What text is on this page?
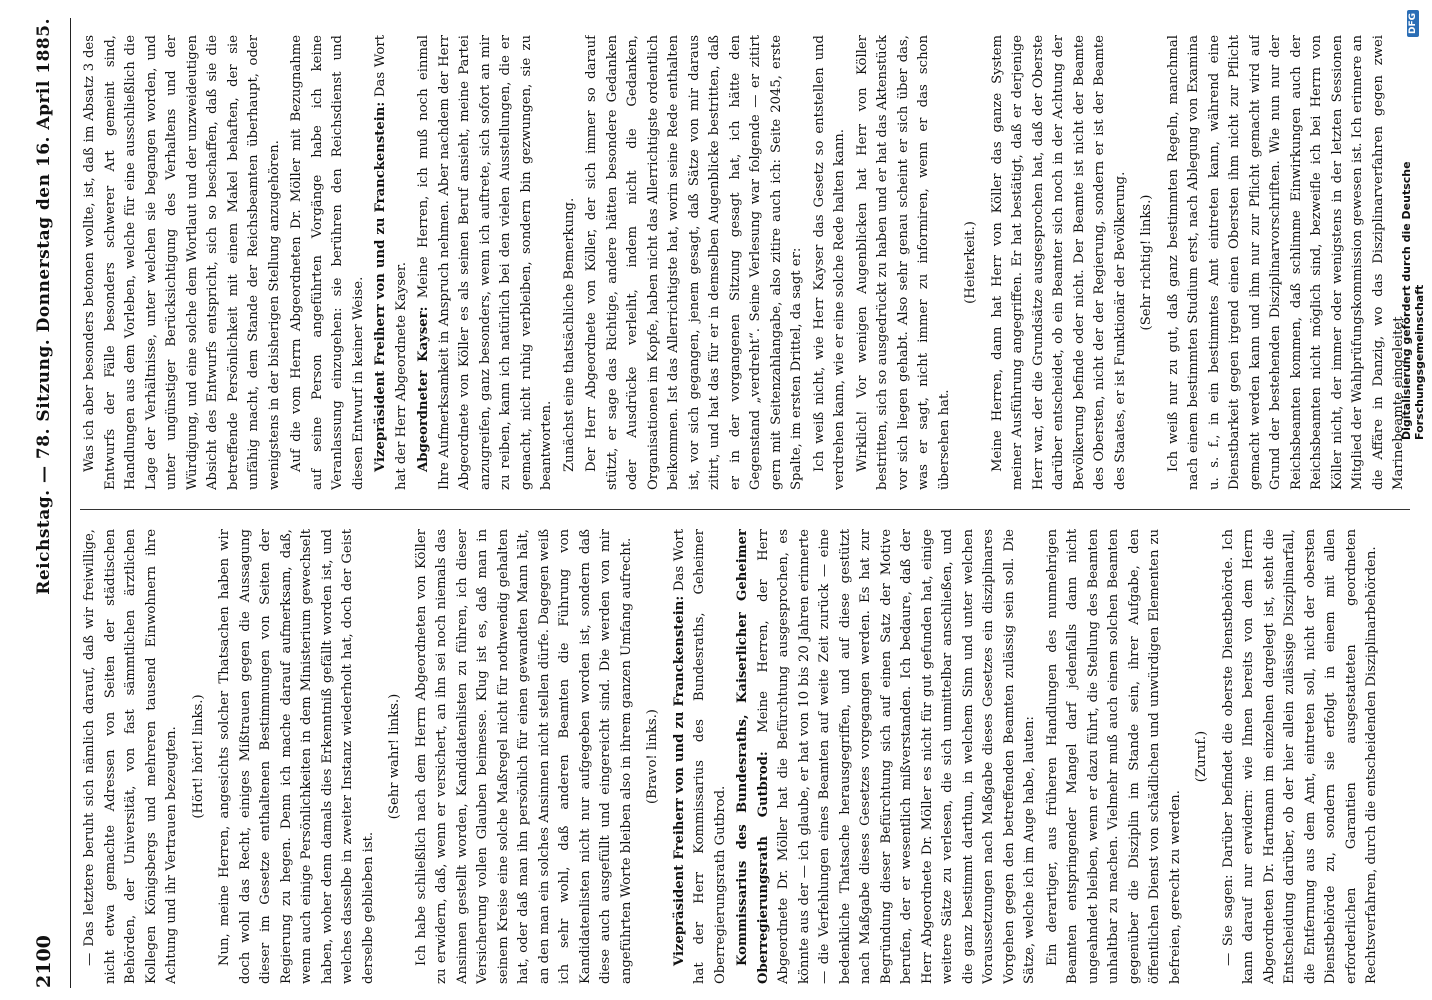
2100
Reichstag. — 78. Sitzung. Donnerstag den 16. April 1885.

— Das letztere beruht sich nämlich darauf, daß wir freiwillige, nicht etwa gemachte Adressen von Seiten der städtischen Behörden, der Universität, von fast sämmtlichen ärztlichen Kollegen Königsbergs und mehreren tausend Einwohnern ihre Achtung und ihr Vertrauen bezeugten. (Hört! hört! links.) Nun, meine Herren, angesichts solcher Thatsachen haben wir doch wohl das Recht, einiges Mißtrauen gegen die Aussagung dieser im Gesetze enthaltenen Bestimmungen von Seiten der Regierung zu hegen. Denn ich mache darauf aufmerksam, daß, wenn auch einige Persönlichkeiten in dem Ministerium gewechselt haben, woher denn damals dies Erkenntniß gefällt worden ist, und welches dasselbe in zweiter Instanz wiederholt hat, doch der Geist derselbe geblieben ist.

(Sehr wahr! links.) Ich habe schließlich nach dem Herrn Abgeordneten von Köller zu erwidern, daß, wenn er versichert, an ihn sei noch niemals das Ansinnen gestellt worden, Kandidatenlisten zu führen, ich dieser Versicherung vollen Glauben beimesse. Klug ist es, daß man in seinem Kreise eine solche Maßregel nicht für nothwendig gehalten hat, oder daß man ihn persönlich für einen gewandten Mann hält, an den man ein solches Ansinnen nicht stellen dürfe. Dagegen weiß ich sehr wohl, daß anderen Beamten die Führung von Kandidatenlisten nicht nur aufgegeben worden ist, sondern daß diese auch ausgefüllt und eingereicht sind. Die werden von mir angeführten Worte bleiben also in ihrem ganzen Umfang aufrecht. (Bravo! links.) Vizepräsident Freiherr von und zu Franckenstein: Das Wort hat der Herr Kommissarius des Bundesraths, Geheimer Oberregierungsrath Gutbrod. Kommissarius des Bundesraths, Kaiserlicher Geheimer Oberregierungsrath Gutbrod: Meine Herren, der Herr Abgeordnete Dr. Möller hat die Befürchtung ausgesprochen, es könnte aus der — ich glaube, er hat von 10 bis 20 Jahren erinnerte — die Verfehlungen eines Beamten auf weite Zeit zurück — eine bedenkliche Thatsache herausgegriffen, und auf diese gestützt nach Maßgabe dieses Gesetzes vorgegangen werden. Es hat zur Begründung dieser Befürchtung sich auf einen Satz der Motive berufen, der er wesentlich mißverstanden. Ich bedaure, daß der Herr Abgeordnete Dr. Möller es nicht für gut gefunden hat, einige weitere Sätze zu verlesen, die sich unmittelbar anschließen, und die ganz bestimmt darthun, in welchem Sinn und unter welchen Voraussetzungen nach Maßgabe dieses Gesetzes ein disziplinares Vorgehen gegen den betreffenden Beamten zulässig sein soll. Die Sätze, welche ich im Auge habe, lauten: Ein derartiger, aus früheren Handlungen des nunmehrigen Beamten entspringender Mangel darf jedenfalls dann nicht ungeahndet bleiben, wenn er dazu führt, die Stellung des Beamten unhaltbar zu machen. Vielmehr muß auch einem solchen Beamten gegenüber die Disziplin im Stande sein, ihrer Aufgabe, den öffentlichen Dienst von schädlichen und unwürdigen Elementen zu befreien, gerecht zu werden.

(Zuruf.) — Sie sagen: Darüber befindet die oberste Dienstbehörde. Ich kann darauf nur erwidern: wie Ihnen bereits von dem Herrn Abgeordneten Dr. Hartmann im einzelnen dargelegt ist, steht die Entscheidung darüber, ob der hier allein zulässige Disziplinarfall, die Entfernung aus dem Amt, eintreten soll, nicht der obersten Dienstbehörde zu, sondern sie erfolgt in einem mit allen erforderlichen Garantien ausgestatteten geordneten Rechtsverfahren, durch die entscheidenden Disziplinarbehörden.

Was ich aber besonders betonen wollte, ist, daß im Absatz 3 des Entwurfs der Fälle besonders schwerer Art gemeint sind, Handlungen aus dem Vorleben, welche für eine ausschließlich die Lage der Verhältnisse, unter welchen sie begangen worden, und unter ungünstiger Berücksichtigung des Verhaltens und der Würdigung, und eine solche dem Wortlaut und der unzweideutigen Absicht des Entwurfs entspricht, sich so beschaffen, daß sie die betreffende Persönlichkeit mit einem Makel behaften, der sie unfähig macht, dem Stande der Reichsbeamten überhaupt, oder wenigstens in der bisherigen Stellung anzugehören. Auf die vom Herrn Abgeordneten Dr. Möller mit Bezugnahme auf seine Person angeführten Vorgänge habe ich keine Veranlassung einzugehen: sie berühren den Reichsdienst und diesen Entwurf in keiner Weise. Vizepräsident Freiherr von und zu Franckenstein: Das Wort hat der Herr Abgeordnete Kayser. Abgeordneter Kayser: Meine Herren, ich muß noch einmal Ihre Aufmerksamkeit in Anspruch nehmen. Aber nachdem der Herr Abgeordnete von Köller es als seinen Beruf ansieht, meine Partei anzugreifen, ganz besonders, wenn ich auftrete, sich sofort an mir zu reiben, kann ich natürlich bei den vielen Ausstellungen, die er gemacht, nicht ruhig verbleiben, sondern bin gezwungen, sie zu beantworten. Zunächst eine thatsächliche Bemerkung. Der Herr Abgeordnete von Köller, der sich immer so darauf stützt, er sage das Richtige, andere hätten besondere Gedanken oder Ausdrücke verleiht, indem nicht die Gedanken, Organisationen im Kopfe, haben nicht das Allerrichtigste ordentlich beikommen. Ist das Allerrichtigste hat, worin seine Rede enthalten ist, vor sich gegangen, jenem gesagt, daß Sätze von mir daraus zitirt, und hat das für er in demselben Augenblicke bestritten, daß er in der vorgangenen Sitzung gesagt hat, ich hätte den Gegenstand „verdreht“. Seine Verlesung war folgende — er zitirt gern mit Seitenzahlangabe, also zitire auch ich: Seite 2045, erste Spalte, im ersten Drittel, da sagt er: Ich weiß nicht, wie Herr Kayser das Gesetz so entstellen und verdrehen kann, wie er eine solche Rede halten kann. Wirklich! Vor wenigen Augenblicken hat Herr von Köller bestritten, sich so ausgedrückt zu haben und er hat das Aktenstück vor sich liegen gehabt. Also sehr genau scheint er sich über das, was er sagt, nicht immer zu informiren, wenn er das schon übersehen hat.

(Heiterkeit.) Meine Herren, dann hat Herr von Köller das ganze System meiner Ausführung angegriffen. Er hat bestätigt, daß er derjenige Herr war, der die Grundsätze ausgesprochen hat, daß der Oberste darüber entscheidet, ob ein Beamter sich noch in der Achtung der Bevölkerung befinde oder nicht. Der Beamte ist nicht der Beamte des Obersten, nicht der der Regierung, sondern er ist der Beamte des Staates, er ist Funktionär der Bevölkerung. (Sehr richtig! links.) Ich weiß nur zu gut, daß ganz bestimmten Regeln, manchmal nach einem bestimmten Studium erst, nach Ablegung von Examina u. s. f., in ein bestimmtes Amt eintreten kann, während eine Dienstbarkeit gegen irgend einen Obersten ihm nicht zur Pflicht gemacht werden kann und ihm nur zur Pflicht gemacht wird auf Grund der bestehenden Disziplinarvorschriften. Wie nun nur der Reichsbeamten kommen, daß schlimme Einwirkungen auch der Reichsbeamten nicht möglich sind, bezweifle ich bei Herrn von Köller nicht, der immer oder wenigstens in der letzten Sessionen Mitglied der Wahlprüfungskommission gewesen ist. Ich erinnere an die Affäre in Danzig, wo das Disziplinarverfahren gegen zwei Marinebeamte eingeleitet

Digitalisierung gefördert durch die Deutsche Forschungsgemeinschaft
DFG
